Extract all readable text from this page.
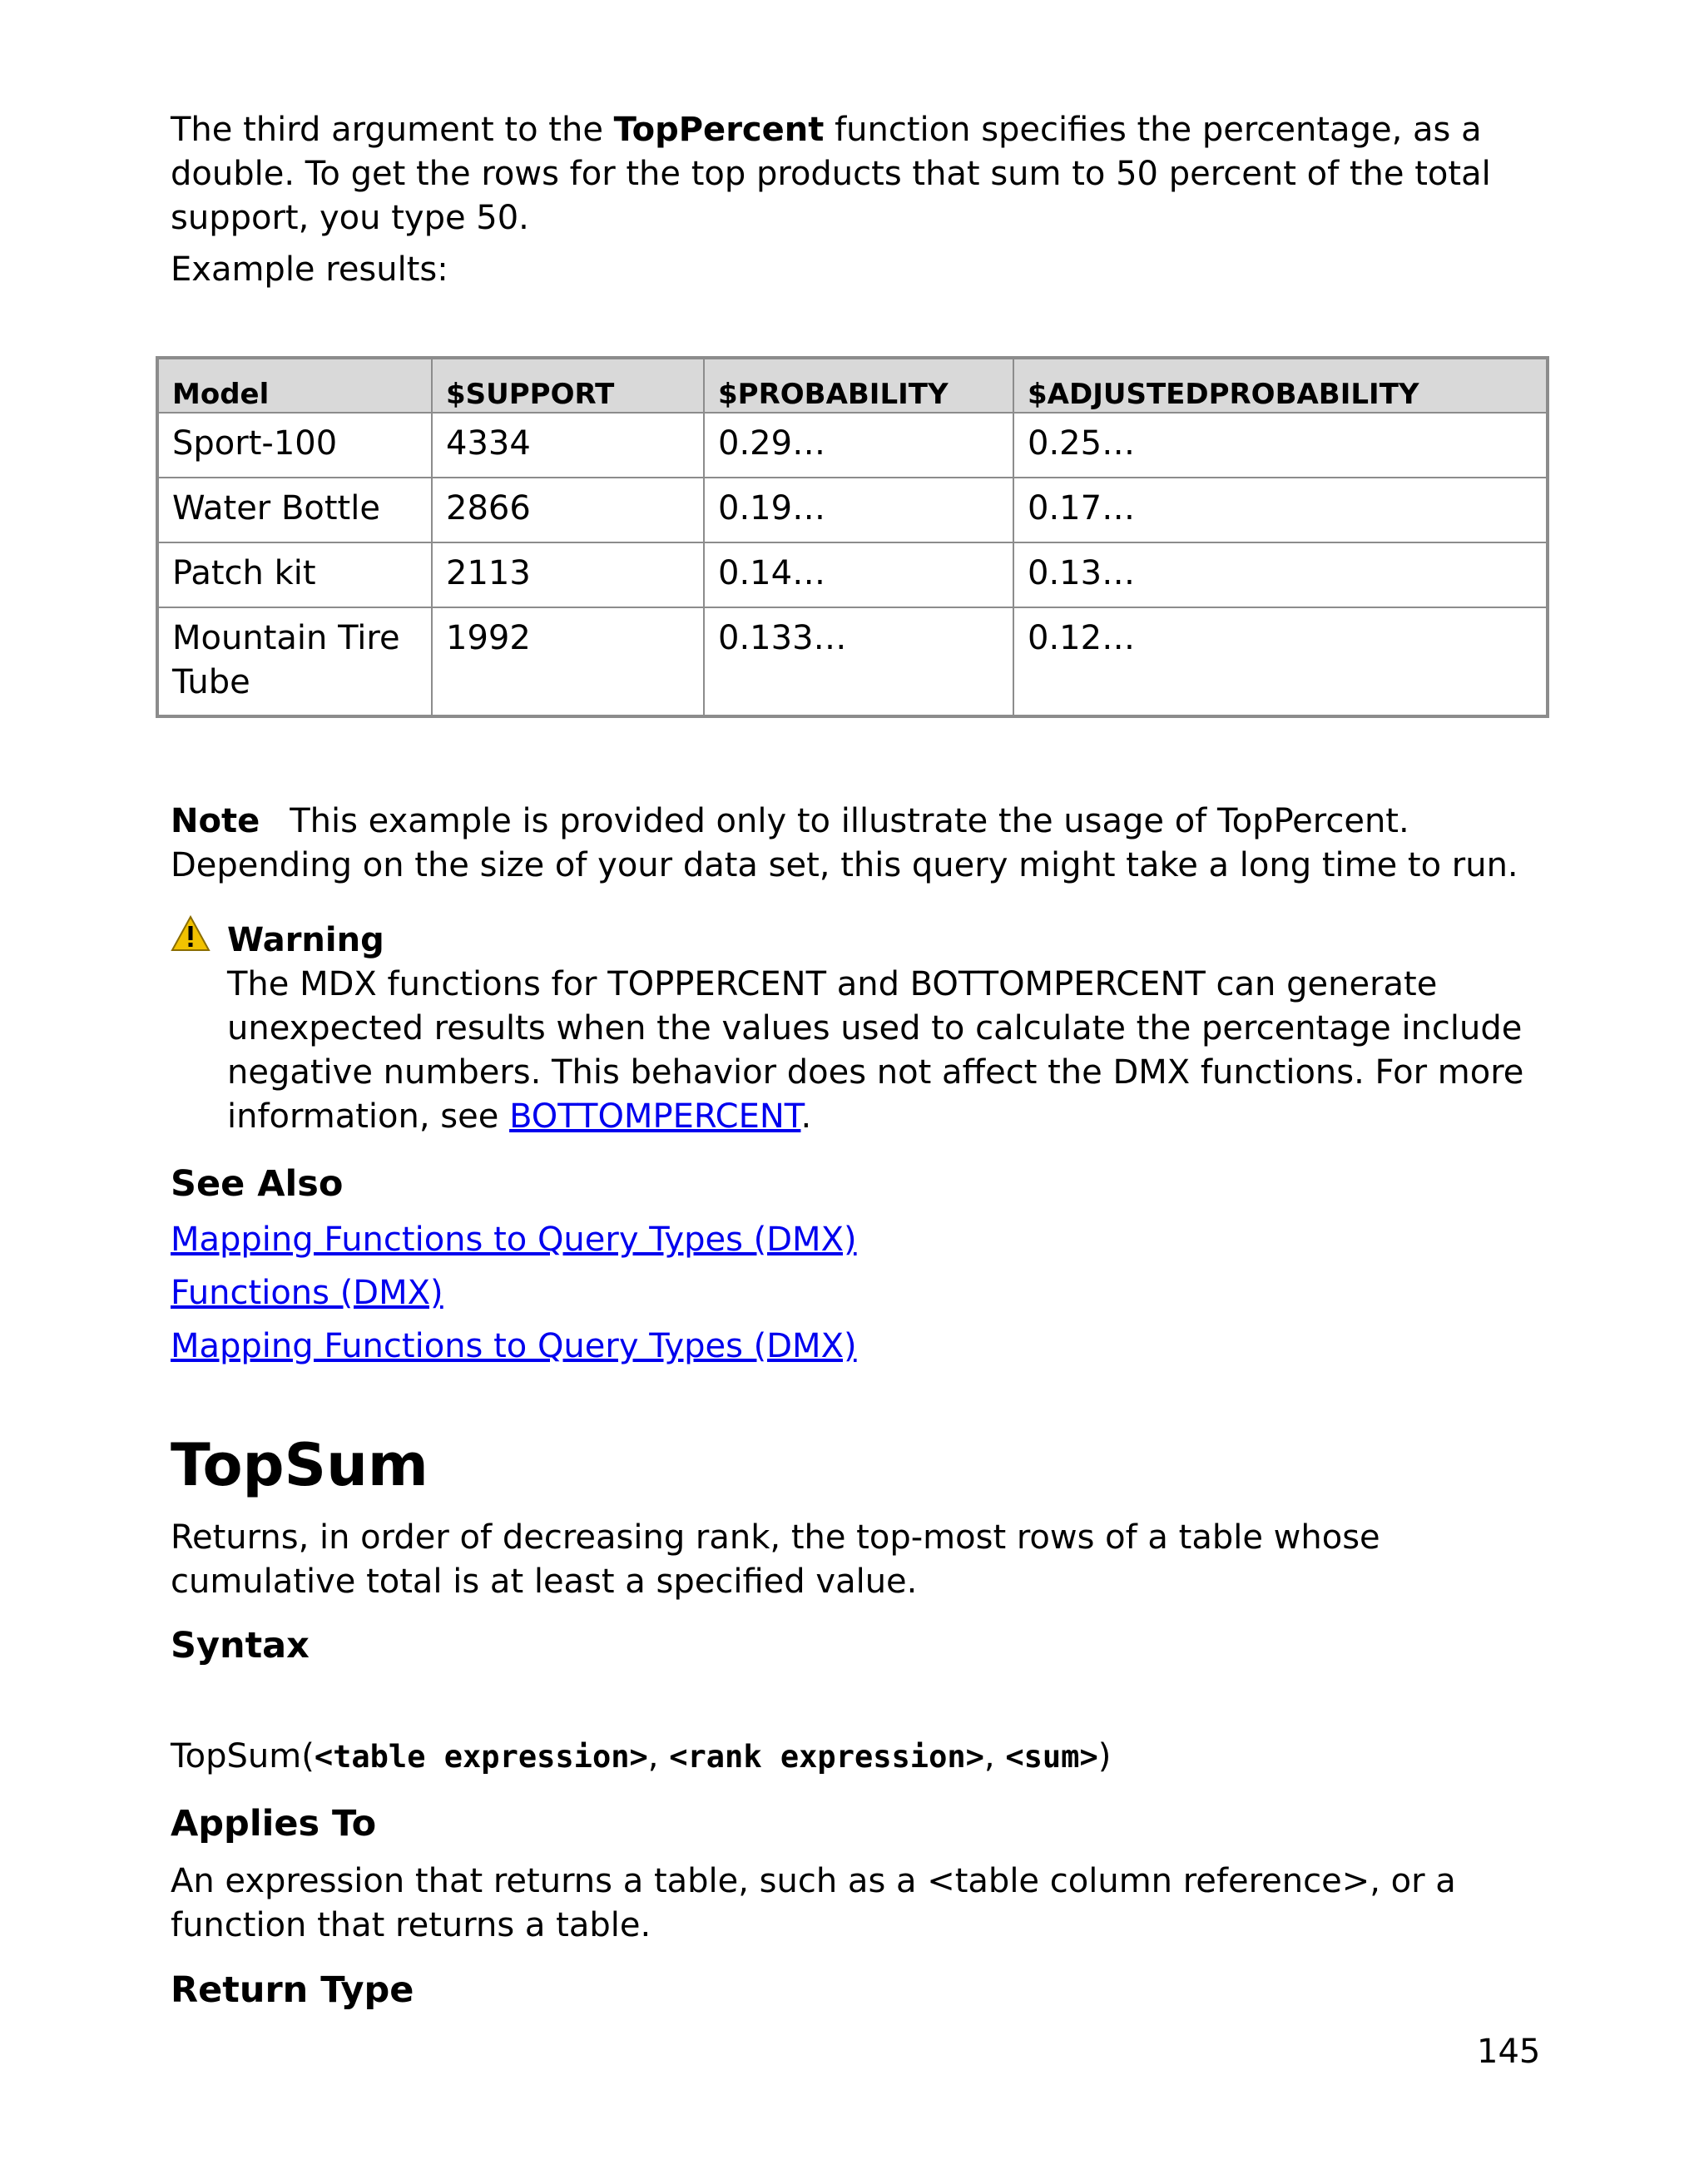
The third argument to the TopPercent function specifies the percentage, as a double. To get the rows for the top products that sum to 50 percent of the total support, you type 50.

Example results:

Model	$SUPPORT	$PROBABILITY	$ADJUSTEDPROBABILITY
Sport-100	4334	0.29…	0.25…
Water Bottle	2866	0.19…	0.17…
Patch kit	2113	0.14…	0.13…
Mountain Tire Tube	1992	0.133…	0.12…

Note This example is provided only to illustrate the usage of TopPercent. Depending on the size of your data set, this query might take a long time to run.

Warning

The MDX functions for TOPPERCENT and BOTTOMPERCENT can generate unexpected results when the values used to calculate the percentage include negative numbers. This behavior does not affect the DMX functions. For more information, see BOTTOMPERCENT.

See Also

Mapping Functions to Query Types (DMX)

Functions (DMX)

Mapping Functions to Query Types (DMX)

TopSum

Returns, in order of decreasing rank, the top-most rows of a table whose cumulative total is at least a specified value.

Syntax

TopSum(<table expression>, <rank expression>, <sum>)

Applies To

An expression that returns a table, such as a <table column reference>, or a function that returns a table.

Return Type
145
